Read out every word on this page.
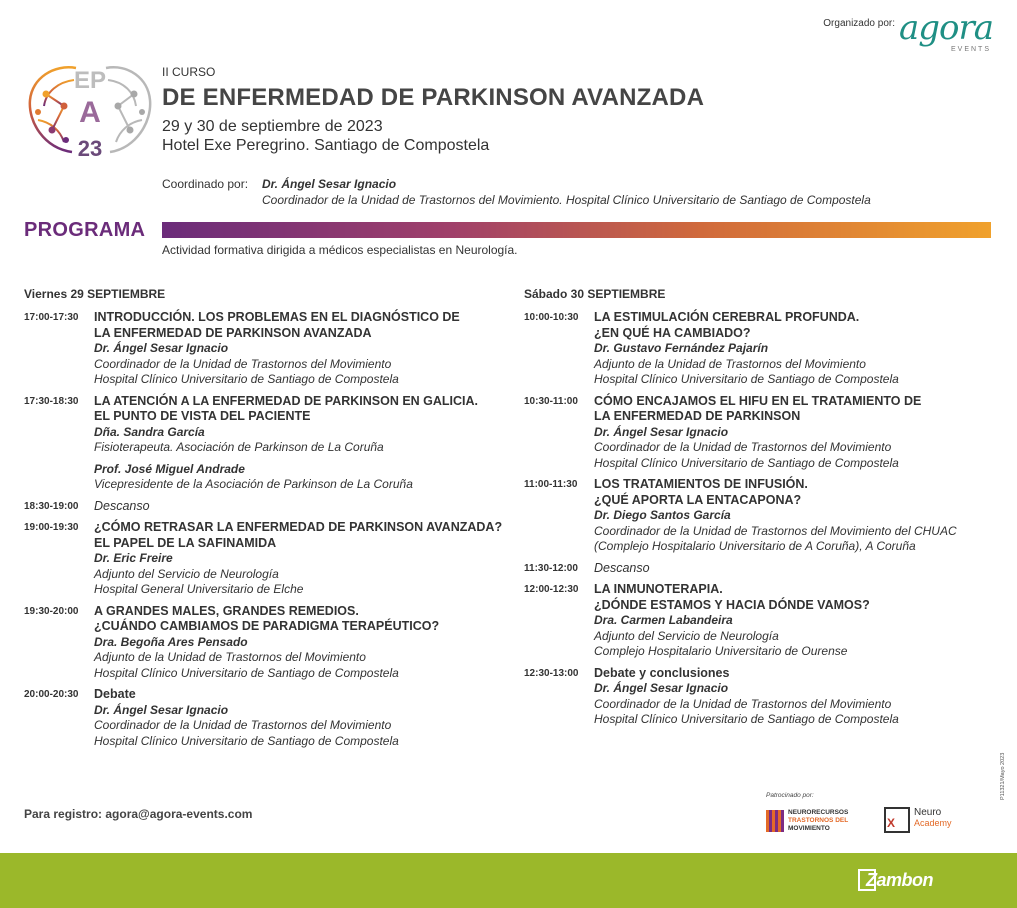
Organizado por: agora
EVENTS
EP
A
23
II CURSO
DE ENFERMEDAD DE PARKINSON AVANZADA
29 y 30 de septiembre de 2023
Hotel Exe Peregrino. Santiago de Compostela
Coordinado por: Dr. Ángel Sesar Ignacio
Coordinador de la Unidad de Trastornos del Movimiento. Hospital Clínico Universitario de Santiago de Compostela
PROGRAMA
Actividad formativa dirigida a médicos especialistas en Neurología.
Viernes 29 SEPTIEMBRE
17:00-17:30	INTRODUCCIÓN. LOS PROBLEMAS EN EL DIAGNÓSTICO DE
LA ENFERMEDAD DE PARKINSON AVANZADA
Dr. Ángel Sesar Ignacio
Coordinador de la Unidad de Trastornos del Movimiento
Hospital Clínico Universitario de Santiago de Compostela
17:30-18:30	LA ATENCIÓN A LA ENFERMEDAD DE PARKINSON EN GALICIA.
EL PUNTO DE VISTA DEL PACIENTE
Dña. Sandra García
Fisioterapeuta. Asociación de Parkinson de La Coruña
Prof. José Miguel Andrade
Vicepresidente de la Asociación de Parkinson de La Coruña
18:30-19:00	Descanso
19:00-19:30	¿CÓMO RETRASAR LA ENFERMEDAD DE PARKINSON AVANZADA?
EL PAPEL DE LA SAFINAMIDA
Dr. Eric Freire
Adjunto del Servicio de Neurología
Hospital General Universitario de Elche
19:30-20:00	A GRANDES MALES, GRANDES REMEDIOS.
¿CUÁNDO CAMBIAMOS DE PARADIGMA TERAPÉUTICO?
Dra. Begoña Ares Pensado
Adjunto de la Unidad de Trastornos del Movimiento
Hospital Clínico Universitario de Santiago de Compostela
20:00-20:30	Debate
Dr. Ángel Sesar Ignacio
Coordinador de la Unidad de Trastornos del Movimiento
Hospital Clínico Universitario de Santiago de Compostela
Sábado 30 SEPTIEMBRE
10:00-10:30	LA ESTIMULACIÓN CEREBRAL PROFUNDA.
¿EN QUÉ HA CAMBIADO?
Dr. Gustavo Fernández Pajarín
Adjunto de la Unidad de Trastornos del Movimiento
Hospital Clínico Universitario de Santiago de Compostela
10:30-11:00	CÓMO ENCAJAMOS EL HIFU EN EL TRATAMIENTO DE
LA ENFERMEDAD DE PARKINSON
Dr. Ángel Sesar Ignacio
Coordinador de la Unidad de Trastornos del Movimiento
Hospital Clínico Universitario de Santiago de Compostela
11:00-11:30	LOS TRATAMIENTOS DE INFUSIÓN.
¿QUÉ APORTA LA ENTACAPONA?
Dr. Diego Santos García
Coordinador de la Unidad de Trastornos del Movimiento del CHUAC
(Complejo Hospitalario Universitario de A Coruña), A Coruña
11:30-12:00	Descanso
12:00-12:30	LA INMUNOTERAPIA.
¿DÓNDE ESTAMOS Y HACIA DÓNDE VAMOS?
Dra. Carmen Labandeira
Adjunto del Servicio de Neurología
Complejo Hospitalario Universitario de Ourense
12:30-13:00	Debate y conclusiones
Dr. Ángel Sesar Ignacio
Coordinador de la Unidad de Trastornos del Movimiento
Hospital Clínico Universitario de Santiago de Compostela
Para registro: agora@agora-events.com
Patrocinado por:
NEURORECURSOS
TRASTORNOS DEL
MOVIMIENTO	X
Neuro
Academy
P11321/Mayo 2023
Zambon
